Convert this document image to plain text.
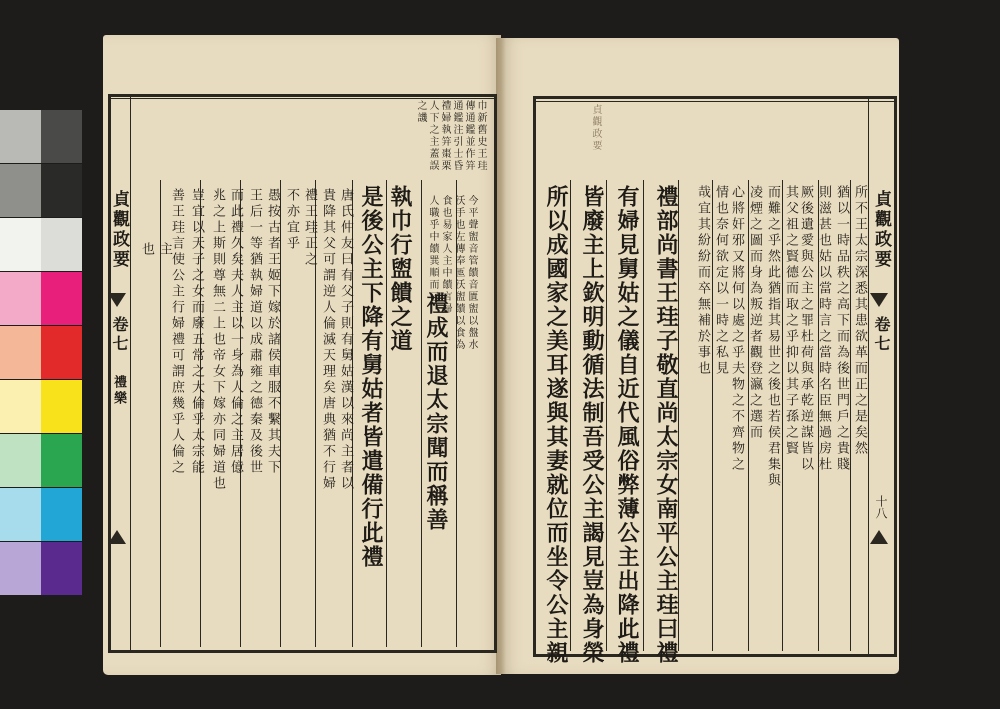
貞觀政要
卷七
禮樂	而此禮久矣夫人主以一身為人倫之主居億
兆之上斯則尊無二上也帝女下嫁亦同婦道也
豈宜以天子之女而廢五常之大倫乎太宗能
善王珪言使公主行婦禮可謂庶幾乎人倫之
也 主	愚按古者王姬下嫁於諸侯車服不繫其夫下
王后一等猶執婦道以成肅雍之德秦及後世	唐氏仲友曰有父子則有舅姑漢以來尚主者以
貴降其父可謂逆人倫滅天理矣唐典猶不行婦
禮王珪正之
不亦宜乎	是後公主下降有舅姑者皆遣備行此禮 執巾行盥饋之道
禮成而退太宗聞而稱善
巾新舊史王珪
傳通鑑並作笄
通鑑注引士昏
禮婦執笄棗栗
人下之主蓋誤
之譏
今平聲盥音管饋音匱盥以盤水
沃手也左傳奉匜沃盥饋以食為
食也易家人主中饋言婦
人職乎中饋巽順而已	貞觀政要
卷七
十八
貞觀政要
禮部尚書王珪子敬直尚太宗女南平公主珪曰禮
有婦見舅姑之儀自近代風俗弊薄公主出降此禮
皆廢主上欽明動循法制吾受公主謁見豈為身榮
所以成國家之美耳遂與其妻就位而坐令公主親	所不王太宗深悉其患欲革而正之是矣然
猶以一時品秩之高下而為後世門戶之貴賤
則滋甚也姑以當時言之當時名臣無過房杜
厥後遺愛與公主之罪杜荷與承乾逆謀皆以
其父祖之賢德而取之乎抑以其子孫之賢
而難之乎然此猶指其易世之後也若侯君集與
凌煙之圖而身為叛逆者觀登瀛之選而
心將奸邪又將何以處之乎夫物之不齊物之
情也奈何欲定以一時之私見
哉宜其紛紛而卒無補於事也
